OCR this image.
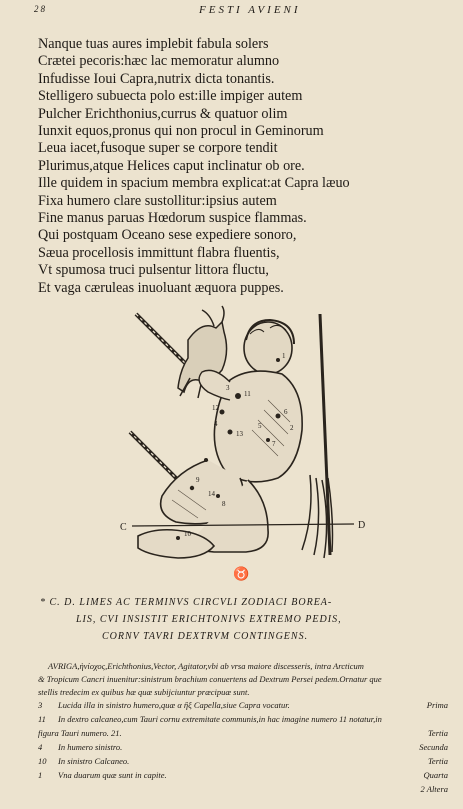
28	FESTI AVIENI
Nanque tuas aures implebit fabula solers
Crætei pecoris:hæc lac memoratur alumno
Infudisse Ioui Capra,nutrix dicta tonantis.
Stelligero subuecta polo est:ille impiger autem
Pulcher Erichthonius,currus & quatuor olim
Iunxit equos,pronus qui non procul in Geminorum
Leua iacet,fusoque super se corpore tendit
Plurimus,atque Helices caput inclinatur ob ore.
Ille quidem in spacium membra explicat:at Capra læuo
Fixa humero clare sustollitur:ipsius autem
Fine manus paruas Hœdorum suspice flammas.
Qui postquam Oceano sese expediere sonoro,
Sæua procellosis immittunt flabra fluentis,
Vt spumosa truci pulsentur littora fluctu,
Et vaga cæruleas inuoluant æquora puppes.
11
12
13
14
1
3
6
7
9
10
4	5
8
2
C	D
♉
* C. D. LIMES AC TERMINVS CIRCVLI ZODIACI BOREA-
LIS, CVI INSISTIT ERICHTONIVS EXTREMO PEDIS,
CORNV TAVRI DEXTRVM CONTINGENS.
AVRIGA,ἡνίοχος,Erichthonius,Vector, Agitator,vbi ab vrsa maiore discesseris, intra Arcticum
& Tropicum Cancri inuenitur:sinistrum brachium conuertens ad Dextrum Persei pedem.Ornatur que
stellis tredecim ex quibus hæ quæ subijciuntur præcipuæ sunt.
3	Lucida illa in sinistro humero,quæ α ἢξ Capella,siue Capra vocatur.	Prima
11	In dextro calcaneo,cum Tauri cornu extremitate communis,in hac imagine numero 11 notatur,in
figura Tauri numero. 21.	Tertia
4	In humero sinistro.	Secunda
10	In sinistro Calcaneo.	Tertia
1	Vna duarum quæ sunt in capite.	Quarta
2 Altera
